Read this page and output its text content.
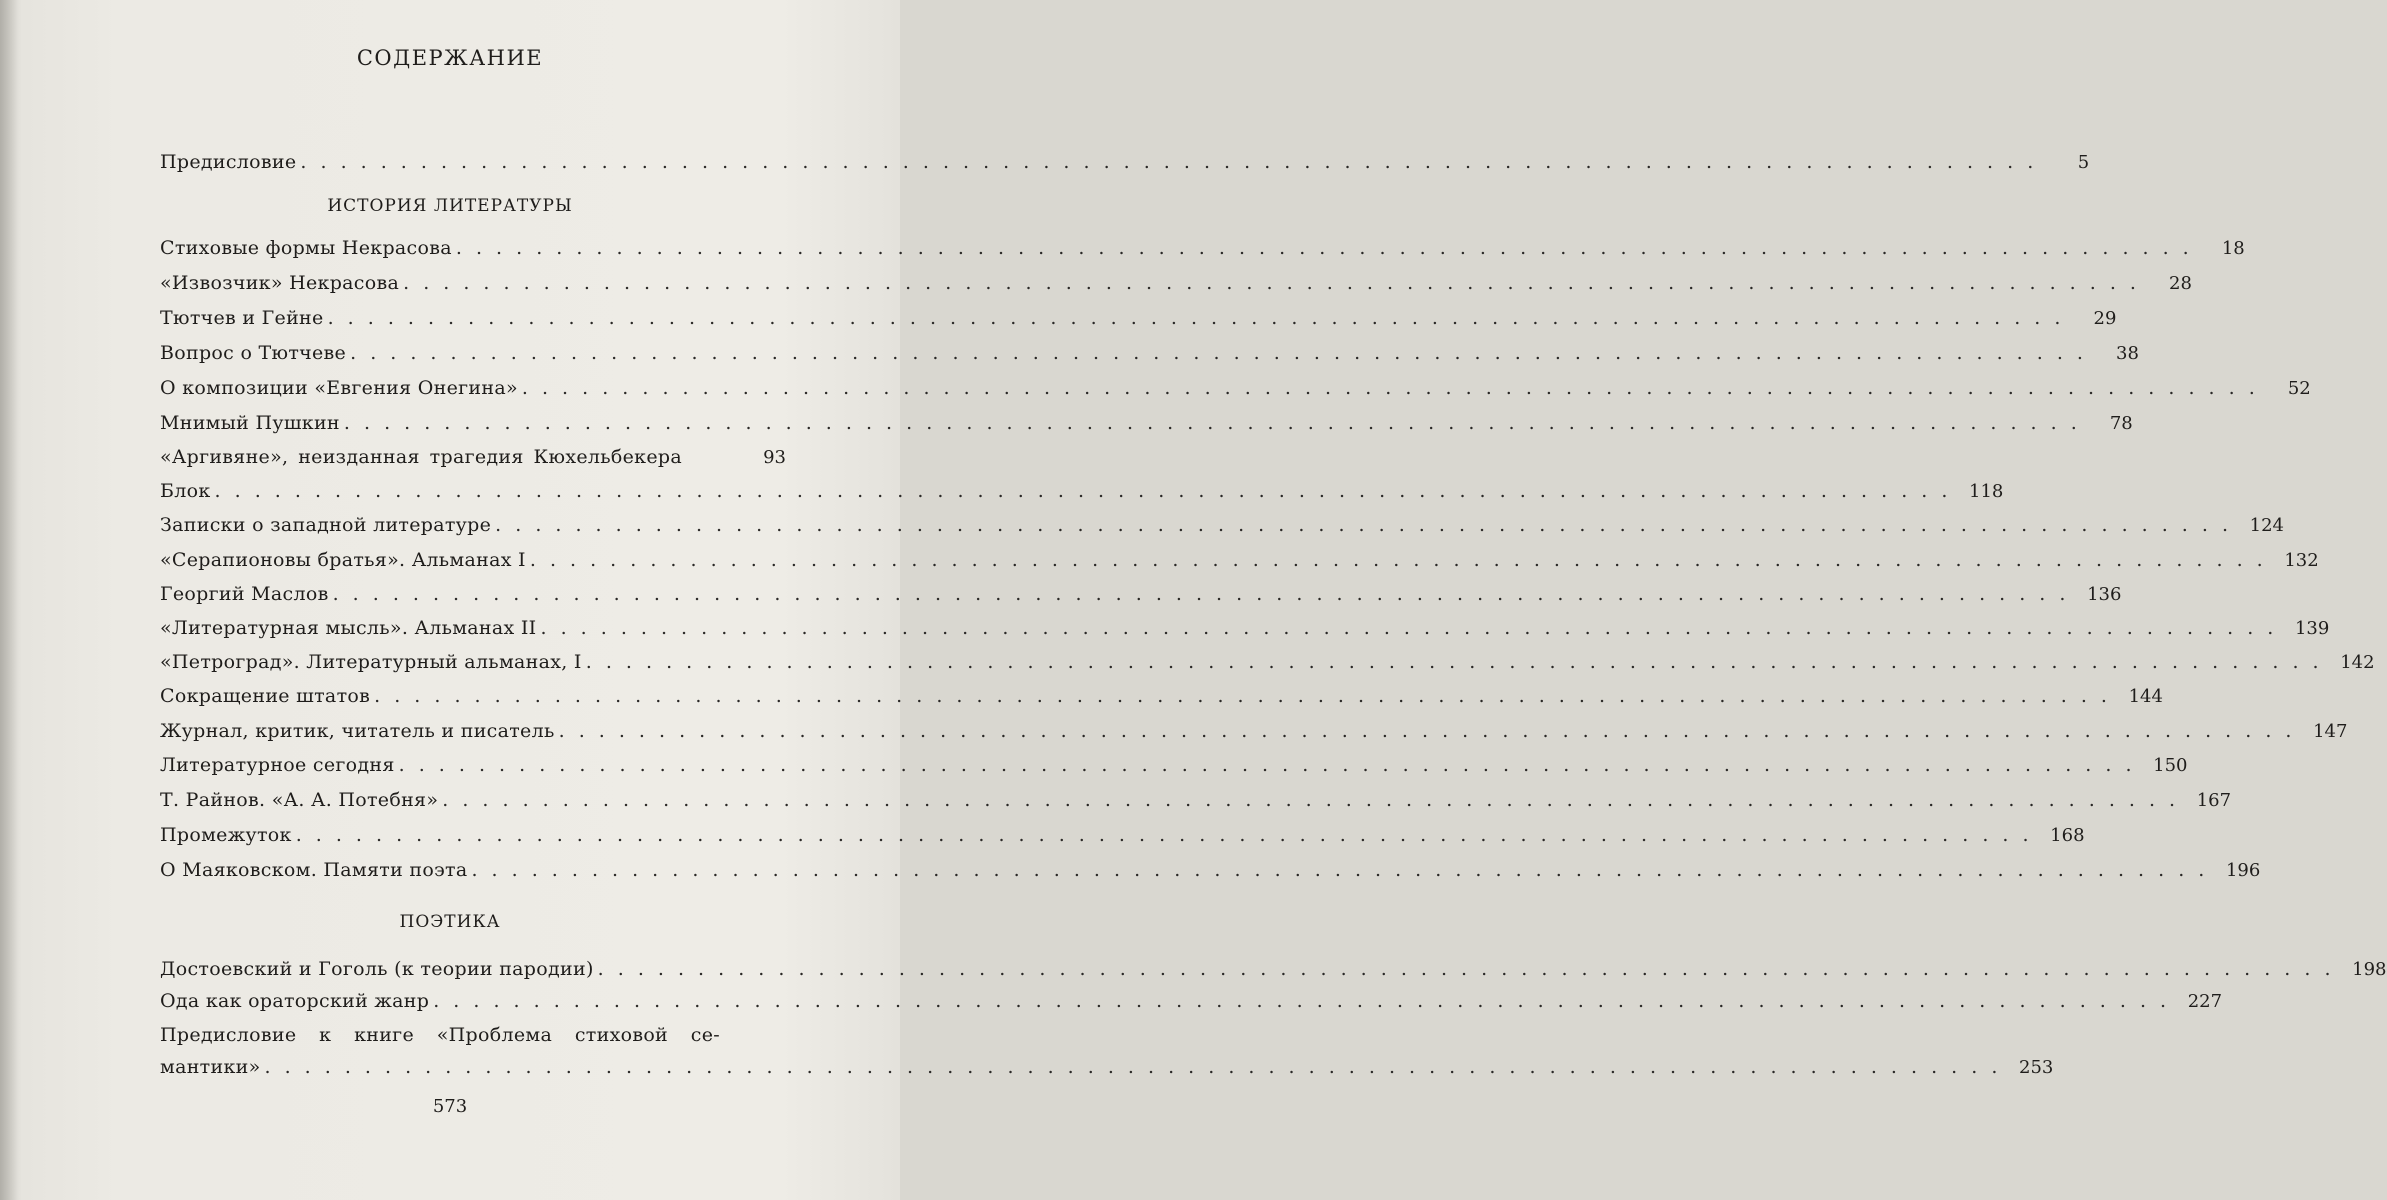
СОДЕРЖАНИЕ
Предисловие . . .	5
ИСТОРИЯ ЛИТЕРАТУРЫ
Стиховые формы Некрасова . . .	18
«Извозчик» Некрасова . . .	28
Тютчев и Гейне . . .	29
Вопрос о Тютчеве . . .	38
О композиции «Евгения Онегина» . . .	52
Мнимый Пушкин . . .	78
«Аргивяне», неизданная трагедия Кюхельбекера	93
Блок . . .	118
Записки о западной литературе . . .	124
«Серапионовы братья». Альманах I . . .	132
Георгий Маслов . . .	136
«Литературная мысль». Альманах II . . .	139
«Петроград». Литературный альманах, I . . .	142
Сокращение штатов . . .	144
Журнал, критик, читатель и писатель . . .	147
Литературное сегодня . . .	150
Т. Райнов. «А. А. Потебня» . . .	167
Промежуток . . .	168
О Маяковском. Памяти поэта . . .	196
ПОЭТИКА
Достоевский и Гоголь (к теории пародии) . . .	198
Ода как ораторский жанр . . .	227
Предисловие к книге «Проблема стиховой се-
мантики» . . .	253
573
